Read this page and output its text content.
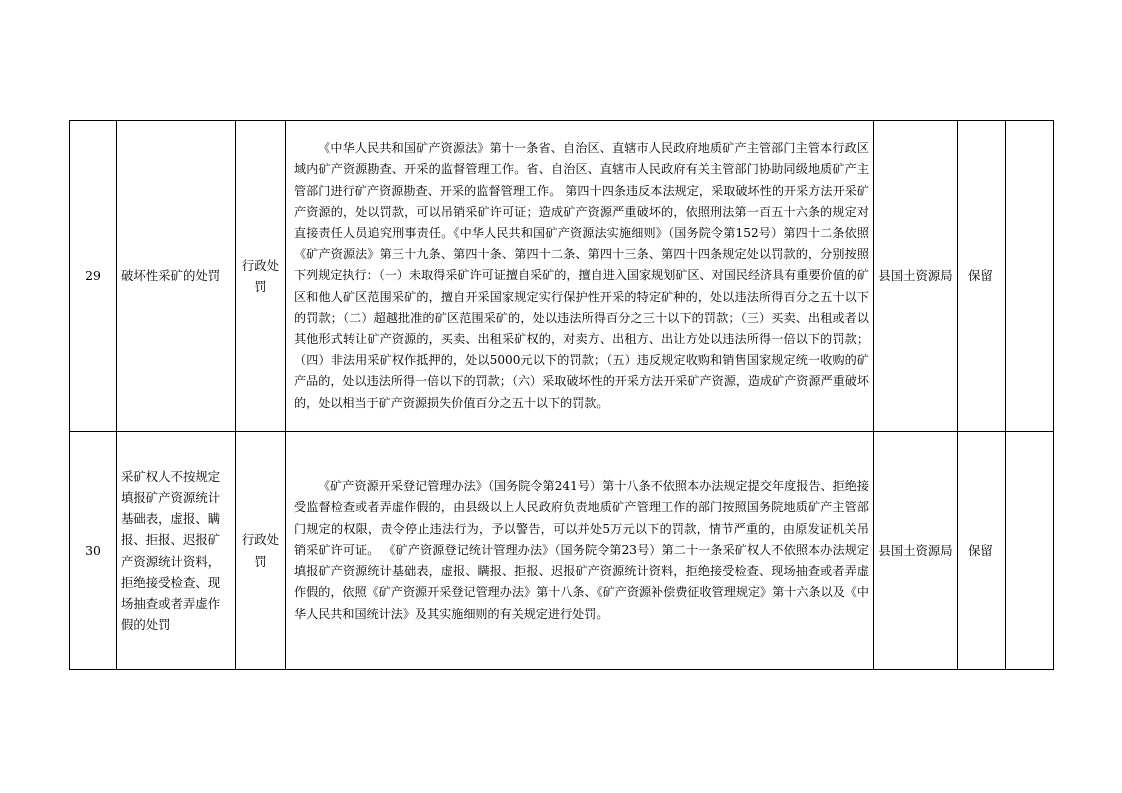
29	破坏性采矿的处罚	行政处罚	《中华人民共和国矿产资源法》第十一条省、自治区、直辖市人民政府地质矿产主管部门主管本行政区域内矿产资源勘查、开采的监督管理工作。省、自治区、直辖市人民政府有关主管部门协助同级地质矿产主管部门进行矿产资源勘查、开采的监督管理工作。 第四十四条违反本法规定，采取破坏性的开采方法开采矿产资源的，处以罚款，可以吊销采矿许可证；造成矿产资源严重破坏的，依照刑法第一百五十六条的规定对直接责任人员追究刑事责任。《中华人民共和国矿产资源法实施细则》（国务院令第152号）第四十二条依照《矿产资源法》第三十九条、第四十条、第四十二条、第四十三条、第四十四条规定处以罚款的，分别按照下列规定执行：（一）未取得采矿许可证擅自采矿的，擅自进入国家规划矿区、对国民经济具有重要价值的矿区和他人矿区范围采矿的，擅自开采国家规定实行保护性开采的特定矿种的，处以违法所得百分之五十以下的罚款；（二）超越批准的矿区范围采矿的，处以违法所得百分之三十以下的罚款；（三）买卖、出租或者以其他形式转让矿产资源的，买卖、出租采矿权的，对卖方、出租方、出让方处以违法所得一倍以下的罚款；（四）非法用采矿权作抵押的，处以5000元以下的罚款；（五）违反规定收购和销售国家规定统一收购的矿产品的，处以违法所得一倍以下的罚款；（六）采取破坏性的开采方法开采矿产资源，造成矿产资源严重破坏的，处以相当于矿产资源损失价值百分之五十以下的罚款。	县国土资源局	保留	
30	采矿权人不按规定填报矿产资源统计基础表，虚报、瞒报、拒报、迟报矿产资源统计资料，拒绝接受检查、现场抽查或者弄虚作假的处罚	行政处罚	《矿产资源开采登记管理办法》（国务院令第241号）第十八条不依照本办法规定提交年度报告、拒绝接受监督检查或者弄虚作假的，由县级以上人民政府负责地质矿产管理工作的部门按照国务院地质矿产主管部门规定的权限，责令停止违法行为，予以警告，可以并处5万元以下的罚款，情节严重的，由原发证机关吊销采矿许可证。 《矿产资源登记统计管理办法》（国务院令第23号）第二十一条采矿权人不依照本办法规定填报矿产资源统计基础表，虚报、瞒报、拒报、迟报矿产资源统计资料，拒绝接受检查、现场抽查或者弄虚作假的，依照《矿产资源开采登记管理办法》第十八条、《矿产资源补偿费征收管理规定》第十六条以及《中华人民共和国统计法》及其实施细则的有关规定进行处罚。	县国土资源局	保留	
